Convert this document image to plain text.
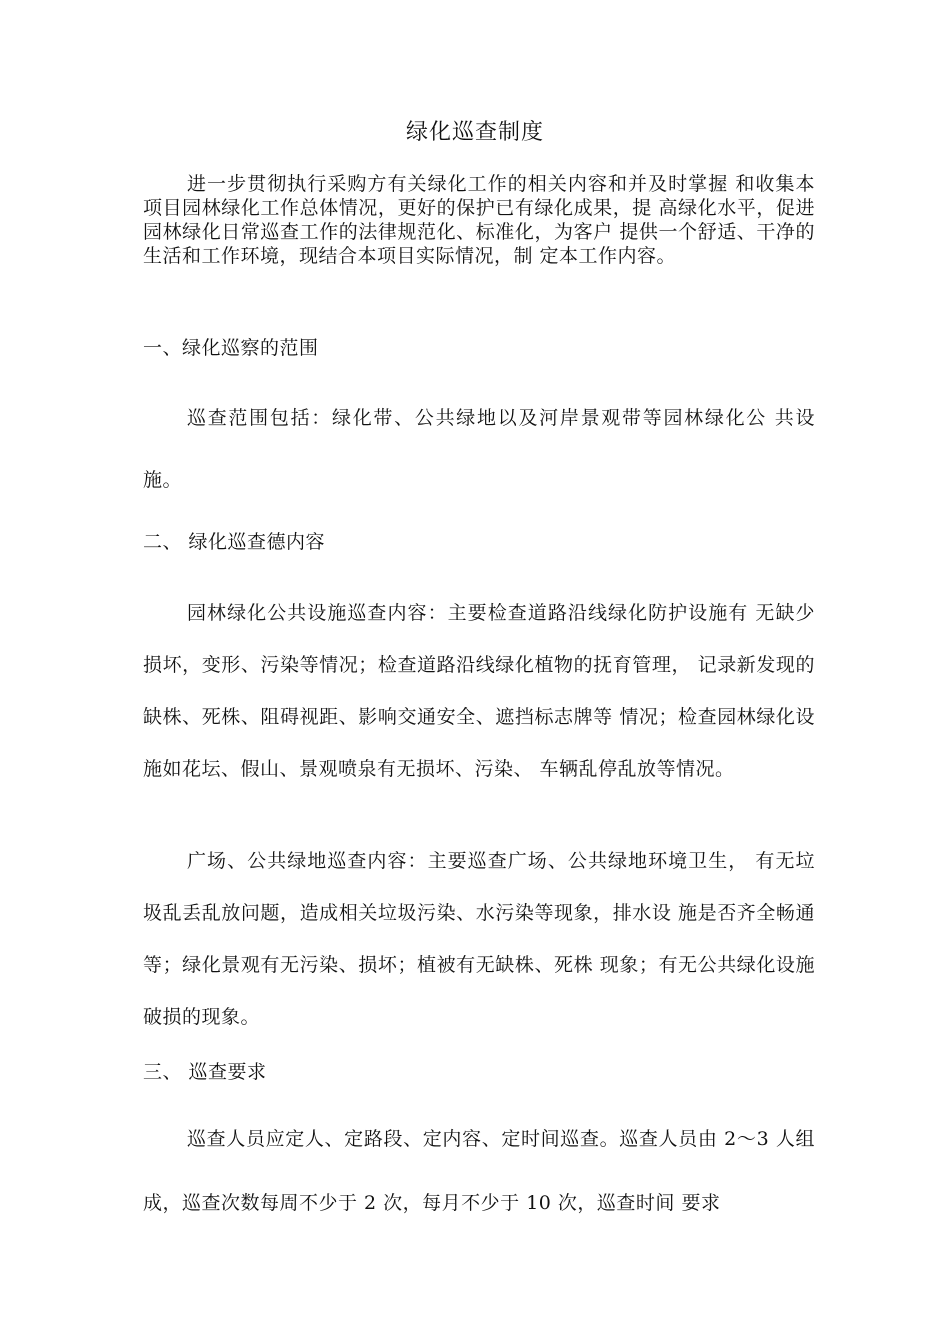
绿化巡查制度

进一步贯彻执行采购方有关绿化工作的相关内容和并及时掌握 和收集本项目园林绿化工作总体情况，更好的保护已有绿化成果，提 高绿化水平，促进园林绿化日常巡查工作的法律规范化、标准化，为客户 提供一个舒适、干净的生活和工作环境，现结合本项目实际情况，制 定本工作内容。

一、绿化巡察的范围

巡查范围包括：绿化带、公共绿地以及河岸景观带等园林绿化公 共设施。

二、 绿化巡查德内容

园林绿化公共设施巡查内容：主要检查道路沿线绿化防护设施有 无缺少损坏，变形、污染等情况；检查道路沿线绿化植物的抚育管理， 记录新发现的缺株、死株、阻碍视距、影响交通安全、遮挡标志牌等 情况；检查园林绿化设施如花坛、假山、景观喷泉有无损坏、污染、 车辆乱停乱放等情况。

广场、公共绿地巡查内容：主要巡查广场、公共绿地环境卫生， 有无垃圾乱丢乱放问题，造成相关垃圾污染、水污染等现象，排水设 施是否齐全畅通等；绿化景观有无污染、损坏；植被有无缺株、死株 现象；有无公共绿化设施破损的现象。

三、 巡查要求

巡查人员应定人、定路段、定内容、定时间巡查。巡查人员由 2〜3 人组成，巡查次数每周不少于 2 次，每月不少于 10 次，巡查时间 要求
